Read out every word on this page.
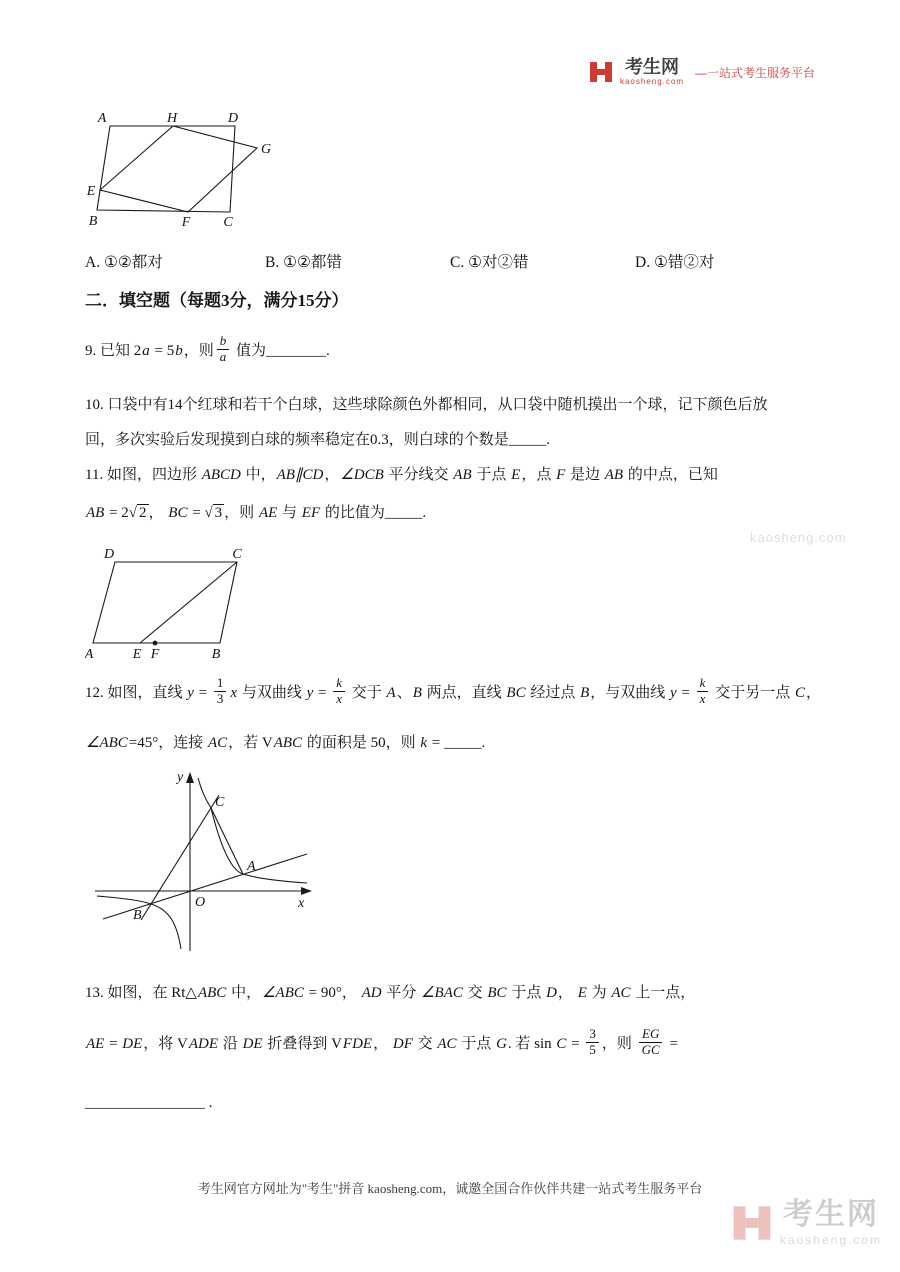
考生网
kaosheng.com
—一站式考生服务平台
A	H	D
G
E
B	F C
A. ①②都对	B. ①②都错	C. ①对②错	D. ①错②对
二．填空题（每题3分，满分15分）
9. 已知 2a = 5b，则 $\frac{b}{a}$ 值为________.
10. 口袋中有14个红球和若干个白球，这些球除颜色外都相同，从口袋中随机摸出一个球，记下颜色后放
回，多次实验后发现摸到白球的频率稳定在0.3，则白球的个数是_____.
11. 如图，四边形 ABCD 中，AB∥CD，∠DCB 平分线交 AB 于点 E，点 F 是边 AB 的中点，已知
AB = 2√ 2 ， BC = √ 3 ，则 AE 与 EF 的比值为_____.
D	C
A	E F	B
12. 如图，直线 $y = \frac{1}{3}$ x 与双曲线 $y = \frac{k}{x}$ 交于 A、B 两点，直线 BC 经过点 B，与双曲线 $y = \frac{k}{x}$ 交于另一点 C，
∠ABC=45°，连接 AC，若 VABC 的面积是 50，则 k = _____.
y
x
O
C
A
B
13. 如图，在 Rt△ABC 中，∠ABC = 90°， AD 平分 ∠BAC 交 BC 于点 D， E 为 AC 上一点，
AE = DE，将 VADE 沿 DE 折叠得到 VFDE， DF 交 AC 于点 G. 若 $\sin C = \frac{3}{5}$ ，则 $\frac{EG}{GC}$ =
________________ .
kaosheng.com
考生网官方网址为"考生"拼音 kaosheng.com，诚邀全国合作伙伴共建一站式考生服务平台
考生网
kaosheng.com
